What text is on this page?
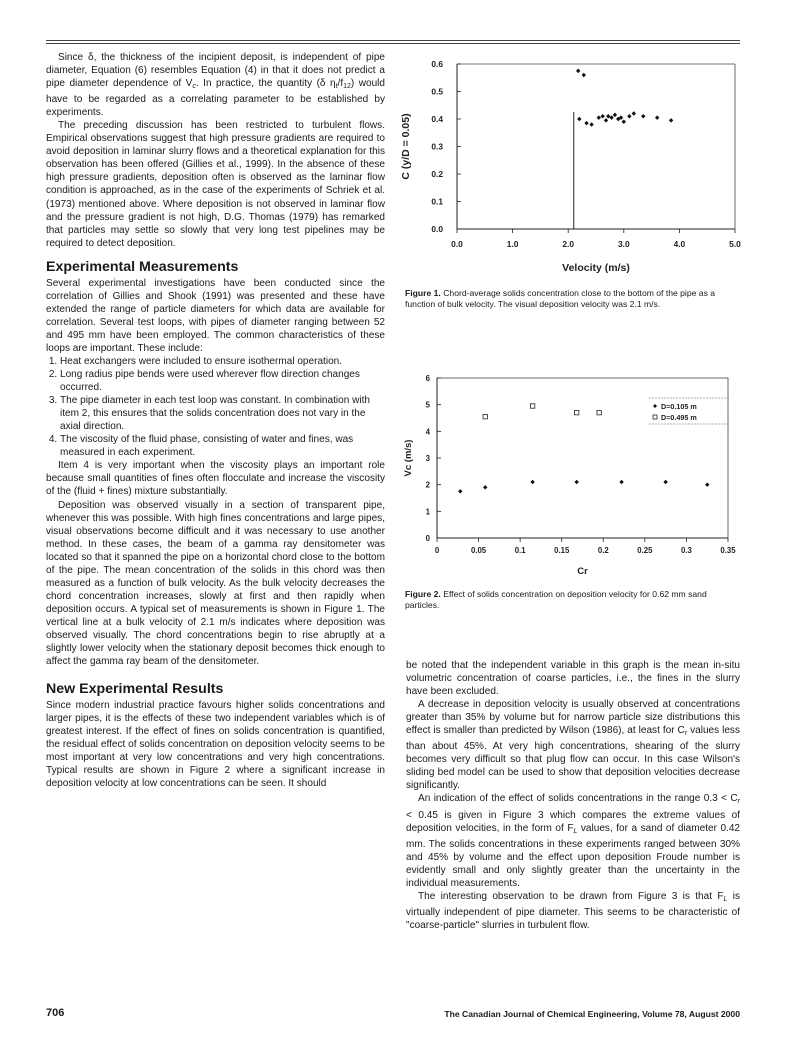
Since δ, the thickness of the incipient deposit, is independent of pipe diameter, Equation (6) resembles Equation (4) in that it does not predict a pipe diameter dependence of $V_c$. In practice, the quantity (δ $\eta_t/f_{12}$) would have to be regarded as a correlating parameter to be established by experiments.

The preceding discussion has been restricted to turbulent flows. Empirical observations suggest that high pressure gradients are required to avoid deposition in laminar slurry flows and a theoretical explanation for this observation has been offered (Gillies et al., 1999). In the absence of these high pressure gradients, deposition often is observed as the laminar flow condition is approached, as in the case of the experiments of Schriek et al. (1973) mentioned above. Where deposition is not observed in laminar flow and the pressure gradient is not high, D.G. Thomas (1979) has remarked that particles may settle so slowly that very long test pipelines may be required to detect deposition.

Experimental Measurements

Several experimental investigations have been conducted since the correlation of Gillies and Shook (1991) was presented and these have extended the range of particle diameters for which data are available for correlation. Several test loops, with pipes of diameter ranging between 52 and 495 mm have been employed. The common characteristics of these loops are important. These include:

1. Heat exchangers were included to ensure isothermal operation.
2. Long radius pipe bends were used wherever flow direction changes occurred.
3. The pipe diameter in each test loop was constant. In combination with item 2, this ensures that the solids concentration does not vary in the axial direction.
4. The viscosity of the fluid phase, consisting of water and fines, was measured in each experiment.

Item 4 is very important when the viscosity plays an important role because small quantities of fines often flocculate and increase the viscosity of the (fluid + fines) mixture substantially.

Deposition was observed visually in a section of transparent pipe, whenever this was possible. With high fines concentrations and large pipes, visual observations become difficult and it was necessary to use another method. In these cases, the beam of a gamma ray densitometer was located so that it spanned the pipe on a horizontal chord close to the bottom of the pipe. The mean concentration of the solids in this chord was then measured as a function of bulk velocity. As the bulk velocity decreases the chord concentration increases, slowly at first and then rapidly when deposition occurs. A typical set of measurements is shown in Figure 1. The vertical line at a bulk velocity of 2.1 m/s indicates where deposition was observed visually. The chord concentrations begin to rise abruptly at a slightly lower velocity when the stationary deposit becomes thick enough to affect the gamma ray beam of the densitometer.

New Experimental Results

Since modern industrial practice favours higher solids concentrations and larger pipes, it is the effects of these two independent variables which is of greatest interest. If the effect of fines on solids concentration is quantified, the residual effect of solids concentration on deposition velocity seems to be most important at very low concentrations and very high concentrations. Typical results are shown in Figure 2 where a significant increase in deposition velocity at low concentrations can be seen. It should

0.0	1.0	2.0	3.0	4.0	5.0
0.0
0.1
0.2
0.3
0.4
0.5
0.6
Velocity (m/s)
C (y/D = 0.05)
Figure 1. Chord-average solids concentration close to the bottom of the pipe as a function of bulk velocity. The visual deposition velocity was 2.1 m/s.
0	0.05	0.1	0.15	0.2	0.25	0.3	0.35
0
1
2
3
4
5
6
Cr
Vc (m/s)
D=0.105 m
D=0.495 m
Figure 2. Effect of solids concentration on deposition velocity for 0.62 mm sand particles.

be noted that the independent variable in this graph is the mean in-situ volumetric concentration of coarse particles, i.e., the fines in the slurry have been excluded.

A decrease in deposition velocity is usually observed at concentrations greater than 35% by volume but for narrow particle size distributions this effect is smaller than predicted by Wilson (1986), at least for $C_r$ values less than about 45%. At very high concentrations, shearing of the slurry becomes very difficult so that plug flow can occur. In this case Wilson's sliding bed model can be used to show that deposition velocities decrease significantly.

An indication of the effect of solids concentrations in the range $0.3 < C_r < 0.45$ is given in Figure 3 which compares the extreme values of deposition velocities, in the form of $F_L$ values, for a sand of diameter 0.42 mm. The solids concentrations in these experiments ranged between 30% and 45% by volume and the effect upon deposition Froude number is evidently small and only slightly greater than the uncertainty in the individual measurements.

The interesting observation to be drawn from Figure 3 is that $F_L$ is virtually independent of pipe diameter. This seems to be characteristic of "coarse-particle" slurries in turbulent flow.

706	The Canadian Journal of Chemical Engineering, Volume 78, August 2000
